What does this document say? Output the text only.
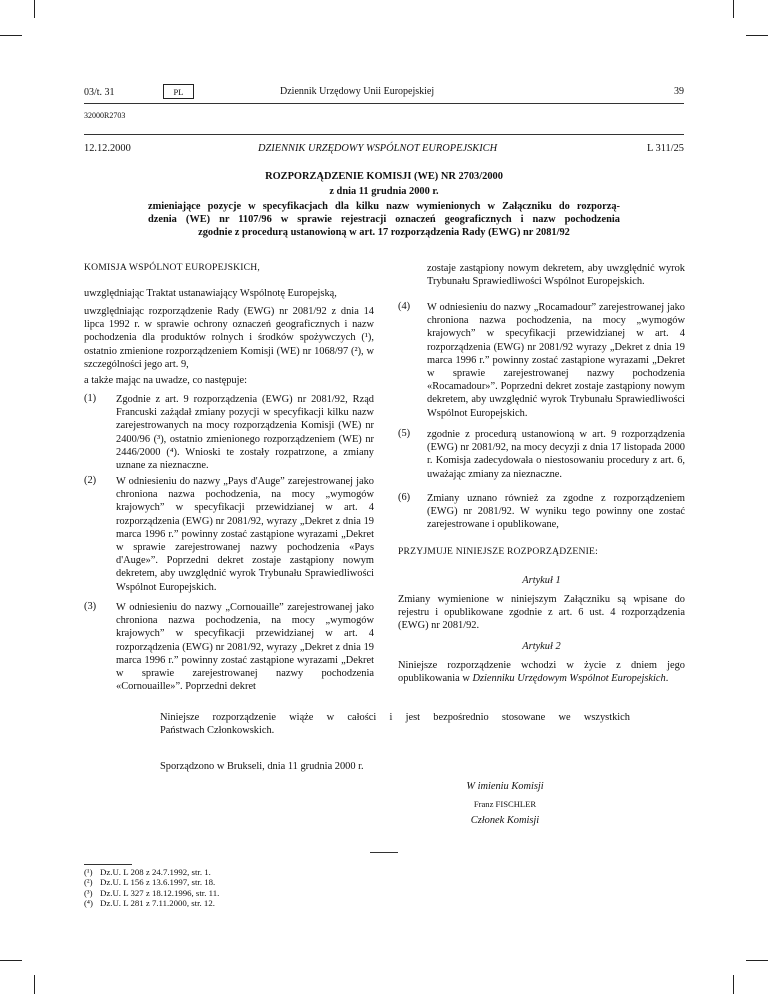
03/t. 31	PL	Dziennik Urzędowy Unii Europejskiej	39
32000R2703
12.12.2000	DZIENNIK URZĘDOWY WSPÓLNOT EUROPEJSKICH	L 311/25
ROZPORZĄDZENIE KOMISJI (WE) NR 2703/2000
z dnia 11 grudnia 2000 r.
zmieniające pozycje w specyfikacjach dla kilku nazw wymienionych w Załączniku do rozporzą-
dzenia (WE) nr 1107/96 w sprawie rejestracji oznaczeń geograficznych i nazw pochodzenia
zgodnie z procedurą ustanowioną w art. 17 rozporządzenia Rady (EWG) nr 2081/92
KOMISJA WSPÓLNOT EUROPEJSKICH,
uwzględniając Traktat ustanawiający Wspólnotę Europejską,
uwzględniając rozporządzenie Rady (EWG) nr 2081/92 z dnia 14 lipca 1992 r. w sprawie ochrony oznaczeń geograficznych i nazw pochodzenia dla produktów rolnych i środków spożywczych (¹), ostatnio zmienione rozporządzeniem Komisji (WE) nr 1068/97 (²), w szczególności jego art. 9,
a także mając na uwadze, co następuje:
(1) Zgodnie z art. 9 rozporządzenia (EWG) nr 2081/92, Rząd Francuski zażądał zmiany pozycji w specyfikacji kilku nazw zarejestrowanych na mocy rozporządzenia Komisji (WE) nr 2400/96 (³), ostatnio zmienionego rozporządzeniem (WE) nr 2446/2000 (⁴). Wnioski te zostały rozpatrzone, a zmiany uznane za nieznaczne.
(2) W odniesieniu do nazwy „Pays d'Auge” zarejestrowanej jako chroniona nazwa pochodzenia, na mocy „wymogów krajowych” w specyfikacji przewidzianej w art. 4 rozporządzenia (EWG) nr 2081/92, wyrazy „Dekret z dnia 19 marca 1996 r.” powinny zostać zastąpione wyrazami „Dekret w sprawie zarejestrowanej nazwy pochodzenia «Pays d'Auge»”. Poprzedni dekret zostaje zastąpiony nowym dekretem, aby uwzględnić wyrok Trybunału Sprawiedliwości Wspólnot Europejskich.
(3) W odniesieniu do nazwy „Cornouaille” zarejestrowanej jako chroniona nazwa pochodzenia, na mocy „wymogów krajowych” w specyfikacji przewidzianej w art. 4 rozporządzenia (EWG) nr 2081/92, wyrazy „Dekret z dnia 19 marca 1996 r.” powinny zostać zastąpione wyrazami „Dekret w sprawie zarejestrowanej nazwy pochodzenia «Cornouaille»”. Poprzedni dekret
zostaje zastąpiony nowym dekretem, aby uwzględnić wyrok Trybunału Sprawiedliwości Wspólnot Europejskich.
(4) W odniesieniu do nazwy „Rocamadour” zarejestrowanej jako chroniona nazwa pochodzenia, na mocy „wymogów krajowych” w specyfikacji przewidzianej w art. 4 rozporządzenia (EWG) nr 2081/92 wyrazy „Dekret z dnia 19 marca 1996 r.” powinny zostać zastąpione wyrazami „Dekret w sprawie zarejestrowanej nazwy pochodzenia «Rocamadour»”. Poprzedni dekret zostaje zastąpiony nowym dekretem, aby uwzględnić wyrok Trybunału Sprawiedliwości Wspólnot Europejskich.
(5) zgodnie z procedurą ustanowioną w art. 9 rozporządzenia (EWG) nr 2081/92, na mocy decyzji z dnia 17 listopada 2000 r. Komisja zadecydowała o niestosowaniu procedury z art. 6, uważając zmiany za nieznaczne.
(6) Zmiany uznano również za zgodne z rozporządzeniem (EWG) nr 2081/92. W wyniku tego powinny one zostać zarejestrowane i opublikowane,
PRZYJMUJE NINIEJSZE ROZPORZĄDZENIE:
Artykuł 1
Zmiany wymienione w niniejszym Załączniku są wpisane do rejestru i opublikowane zgodnie z art. 6 ust. 4 rozporządzenia (EWG) nr 2081/92.
Artykuł 2
Niniejsze rozporządzenie wchodzi w życie z dniem jego opublikowania w Dzienniku Urzędowym Wspólnot Europejskich.
Niniejsze rozporządzenie wiąże w całości i jest bezpośrednio stosowane we wszystkich
Państwach Członkowskich.
Sporządzono w Brukseli, dnia 11 grudnia 2000 r.
W imieniu Komisji
Franz FISCHLER
Członek Komisji
(¹) Dz.U. L 208 z 24.7.1992, str. 1.
(²) Dz.U. L 156 z 13.6.1997, str. 18.
(³) Dz.U. L 327 z 18.12.1996, str. 11.
(⁴) Dz.U. L 281 z 7.11.2000, str. 12.
